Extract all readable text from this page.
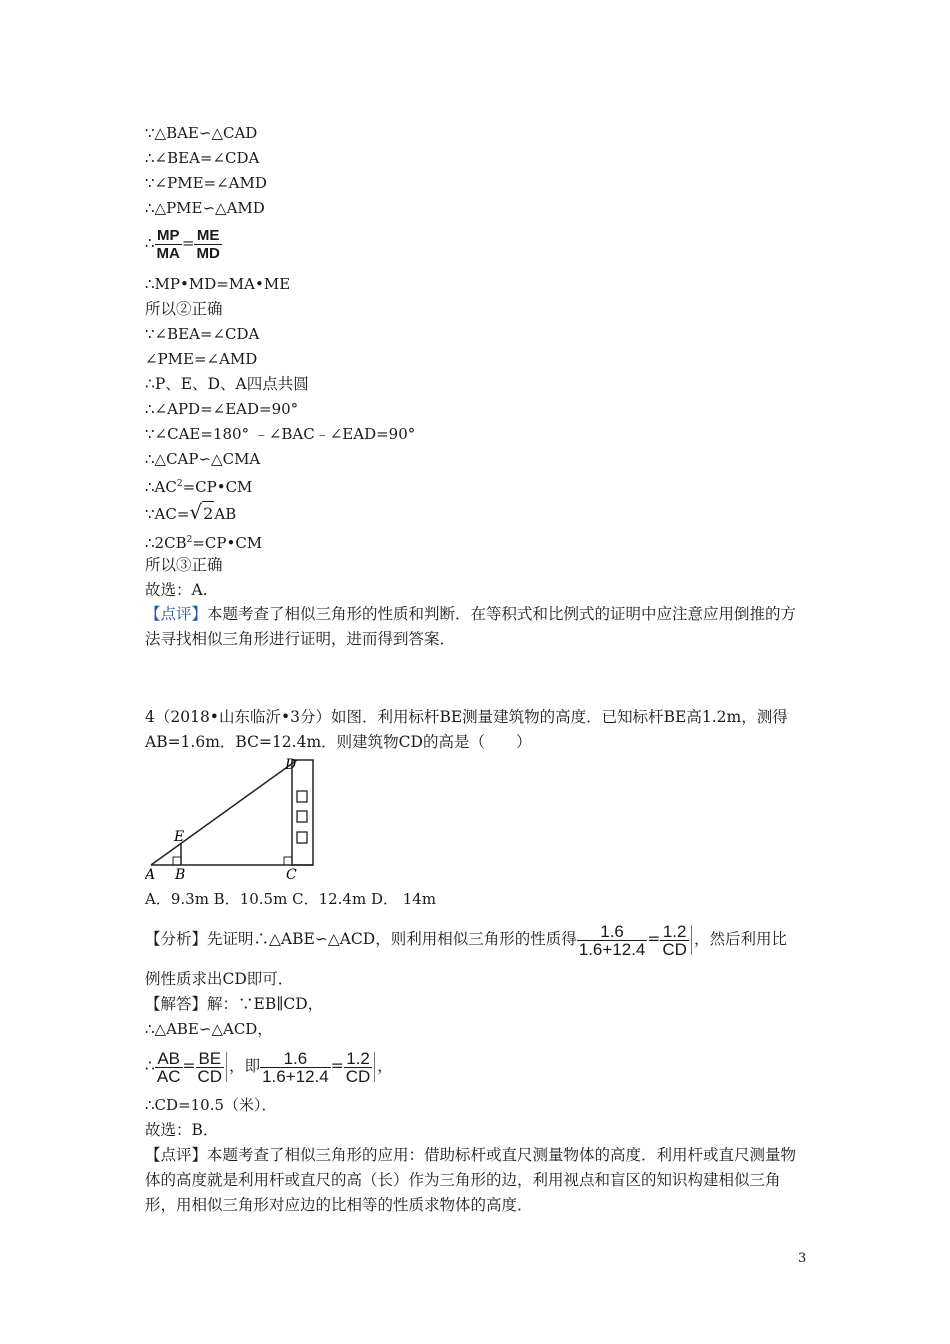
∵△BAE∽△CAD
∴∠BEA=∠CDA
∵∠PME=∠AMD
∴△PME∽△AMD
∴ $\frac{MP}{MA} = \frac{ME}{MD}$
∴MP•MD=MA•ME
所以②正确
∵∠BEA=∠CDA
∠PME=∠AMD
∴P、E、D、A四点共圆
∴∠APD=∠EAD=90°
∵∠CAE=180° ﹣∠BAC﹣∠EAD=90°
∴△CAP∽△CMA
$\therefore AC^2=CP•CM$
∵AC=√2AB
$\therefore 2CB^2=CP•CM$
所以③正确
故选：A.
【点评】本题考查了相似三角形的性质和判断．在等积式和比例式的证明中应注意应用倒推的方法寻找相似三角形进行证明，进而得到答案．
4（2018•山东临沂•3分）如图．利用标杆BE测量建筑物的高度．已知标杆BE高1.2m，测得AB=1.6m．BC=12.4m．则建筑物CD的高是（　　）
A B	C
D
E
A．9.3m B．10.5m C．12.4m D． 14m
【分析】先证明∴△ABE∽△ACD，则利用相似三角形的性质得 $\frac{1.6}{1.6+12.4} = \frac{1.2}{CD}$ ，然后利用比
例性质求出CD即可．
【解答】解：∵EB∥CD，
∴△ABE∽△ACD，
∴ $\frac{AB}{AC} = \frac{BE}{CD}$ ，即 $\frac{1.6}{1.6+12.4} = \frac{1.2}{CD}$ ，
∴CD=10.5（米）．
故选：B．
【点评】本题考查了相似三角形的应用：借助标杆或直尺测量物体的高度．利用杆或直尺测量物体的高度就是利用杆或直尺的高（长）作为三角形的边，利用视点和盲区的知识构建相似三角形，用相似三角形对应边的比相等的性质求物体的高度．
3
